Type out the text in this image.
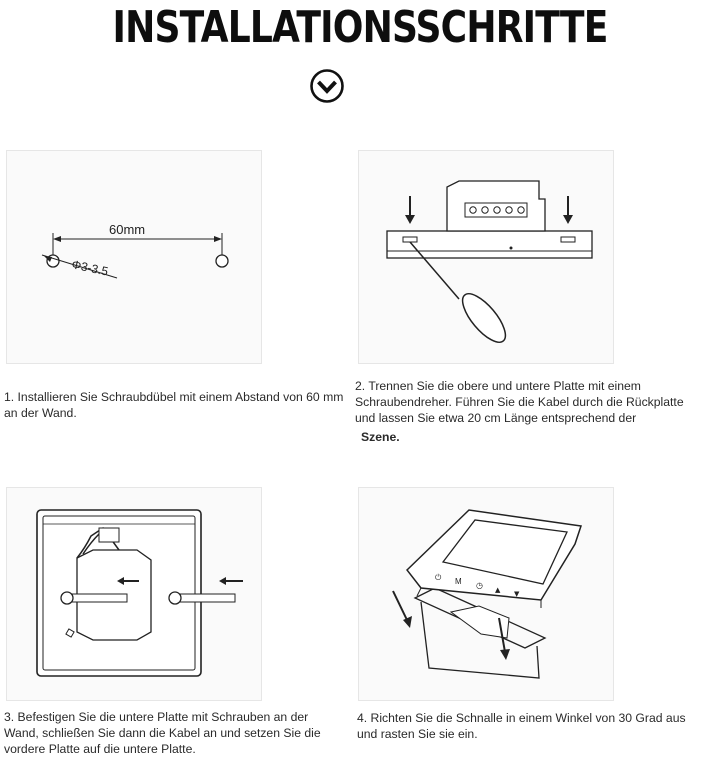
INSTALLATIONSSCHRITTE
60mm
Φ3-3.5
⏻ M ◷ ▲ ▼
1. Installieren Sie Schraubdübel mit einem Abstand von 60 mm
an der Wand.
2. Trennen Sie die obere und untere Platte mit einem
Schraubendreher. Führen Sie die Kabel durch die Rückplatte
und lassen Sie etwa 20 cm Länge entsprechend der
Szene.
3. Befestigen Sie die untere Platte mit Schrauben an der
Wand, schließen Sie dann die Kabel an und setzen Sie die
vordere Platte auf die untere Platte.
4. Richten Sie die Schnalle in einem Winkel von 30 Grad aus
und rasten Sie sie ein.
